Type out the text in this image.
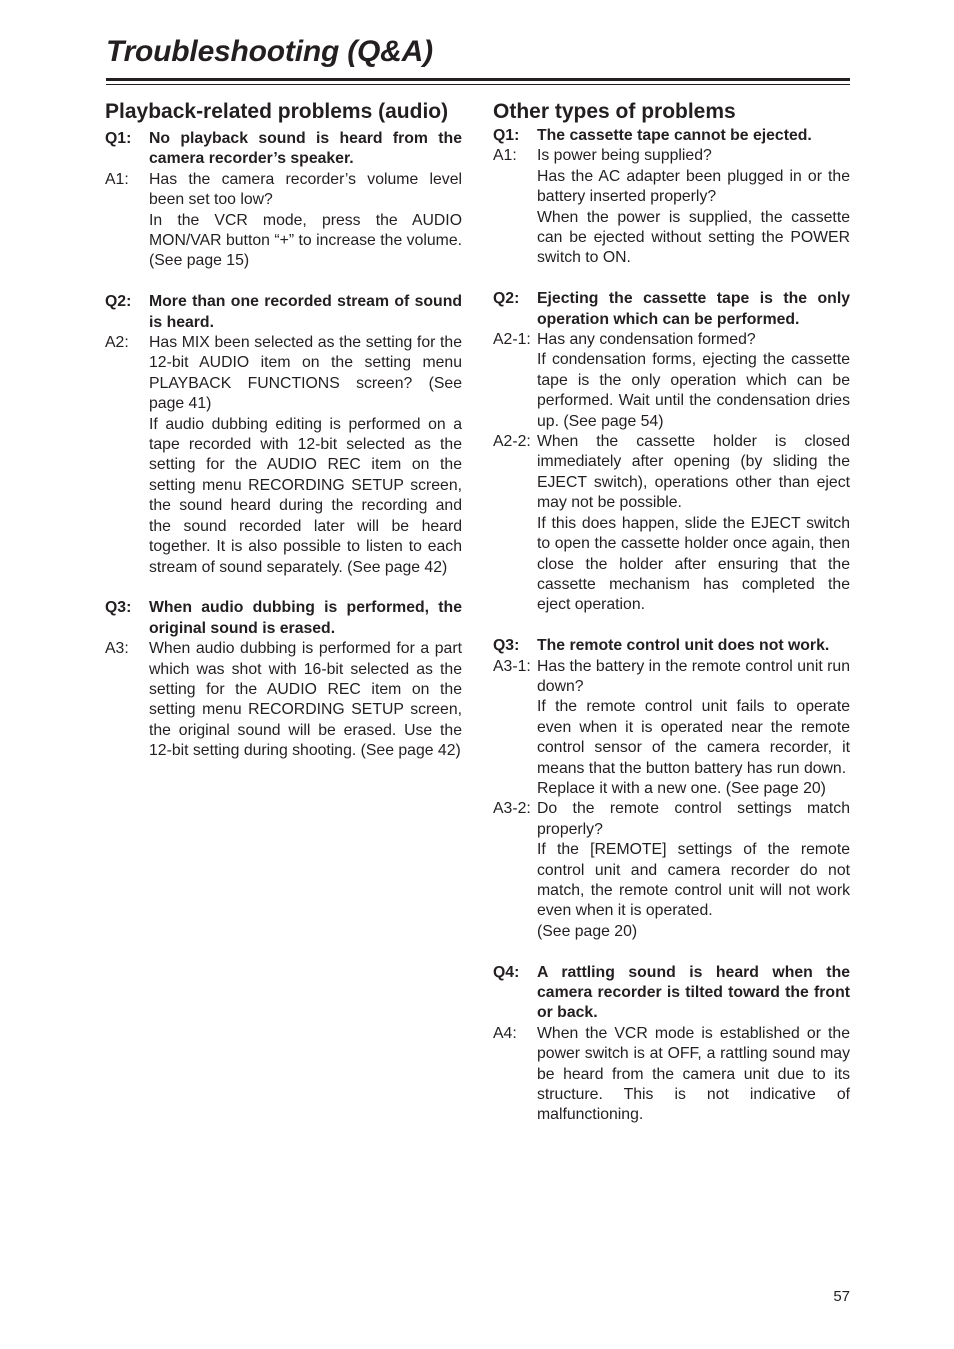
Troubleshooting (Q&A)
Playback-related problems (audio)
Q1:	No playback sound is heard from the camera recorder’s speaker.
A1:	Has the camera recorder’s volume level been set too low?
In the VCR mode, press the AUDIO MON/VAR button “+” to increase the volume. (See page 15)
Q2:	More than one recorded stream of sound is heard.
A2:	Has MIX been selected as the setting for the 12-bit AUDIO item on the setting menu PLAYBACK FUNCTIONS screen? (See page 41)
If audio dubbing editing is performed on a tape recorded with 12-bit selected as the setting for the AUDIO REC item on the setting menu RECORDING SETUP screen, the sound heard during the recording and the sound recorded later will be heard together. It is also possible to listen to each stream of sound separately. (See page 42)
Q3:	When audio dubbing is performed, the original sound is erased.
A3:	When audio dubbing is performed for a part which was shot with 16-bit selected as the setting for the AUDIO REC item on the setting menu RECORDING SETUP screen, the original sound will be erased. Use the 12-bit setting during shooting. (See page 42)
Other types of problems
Q1:	The cassette tape cannot be ejected.
A1:	Is power being supplied?
Has the AC adapter been plugged in or the battery inserted properly?
When the power is supplied, the cassette can be ejected without setting the POWER switch to ON.
Q2:	Ejecting the cassette tape is the only operation which can be performed.
A2-1: Has any condensation formed?
If condensation forms, ejecting the cassette tape is the only operation which can be performed. Wait until the condensation dries up. (See page 54)
A2-2: When the cassette holder is closed immediately after opening (by sliding the EJECT switch), operations other than eject may not be possible.
If this does happen, slide the EJECT switch to open the cassette holder once again, then close the holder after ensuring that the cassette mechanism has completed the eject operation.
Q3:	The remote control unit does not work.
A3-1: Has the battery in the remote control unit run down?
If the remote control unit fails to operate even when it is operated near the remote control sensor of the camera recorder, it means that the button battery has run down.
Replace it with a new one. (See page 20)
A3-2: Do the remote control settings match properly?
If the [REMOTE] settings of the remote control unit and camera recorder do not match, the remote control unit will not work even when it is operated.
(See page 20)
Q4:	A rattling sound is heard when the camera recorder is tilted toward the front or back.
A4:	When the VCR mode is established or the power switch is at OFF, a rattling sound may be heard from the camera unit due to its structure. This is not indicative of malfunctioning.
57
